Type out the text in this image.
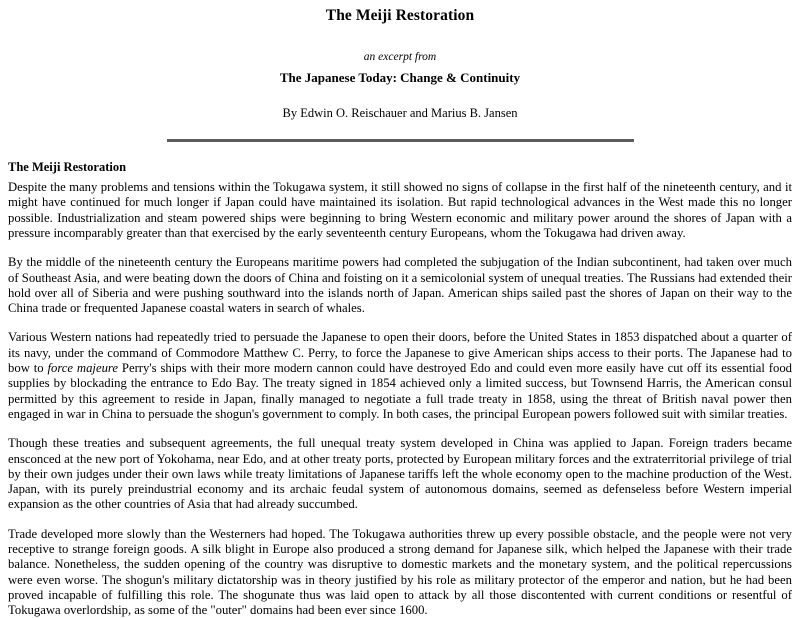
The Meiji Restoration

an excerpt from

The Japanese Today: Change & Continuity

By Edwin O. Reischauer and Marius B. Jansen

The Meiji Restoration

Despite the many problems and tensions within the Tokugawa system, it still showed no signs of collapse in the first half of the nineteenth century, and it might have continued for much longer if Japan could have maintained its isolation. But rapid technological advances in the West made this no longer possible. Industrialization and steam powered ships were beginning to bring Western economic and military power around the shores of Japan with a pressure incomparably greater than that exercised by the early seventeenth century Europeans, whom the Tokugawa had driven away.

By the middle of the nineteenth century the Europeans maritime powers had completed the subjugation of the Indian subcontinent, had taken over much of Southeast Asia, and were beating down the doors of China and foisting on it a semicolonial system of unequal treaties. The Russians had extended their hold over all of Siberia and were pushing southward into the islands north of Japan. American ships sailed past the shores of Japan on their way to the China trade or frequented Japanese coastal waters in search of whales.

Various Western nations had repeatedly tried to persuade the Japanese to open their doors, before the United States in 1853 dispatched about a quarter of its navy, under the command of Commodore Matthew C. Perry, to force the Japanese to give American ships access to their ports. The Japanese had to bow to force majeure Perry's ships with their more modern cannon could have destroyed Edo and could even more easily have cut off its essential food supplies by blockading the entrance to Edo Bay. The treaty signed in 1854 achieved only a limited success, but Townsend Harris, the American consul permitted by this agreement to reside in Japan, finally managed to negotiate a full trade treaty in 1858, using the threat of British naval power then engaged in war in China to persuade the shogun's government to comply. In both cases, the principal European powers followed suit with similar treaties.

Though these treaties and subsequent agreements, the full unequal treaty system developed in China was applied to Japan. Foreign traders became ensconced at the new port of Yokohama, near Edo, and at other treaty ports, protected by European military forces and the extraterritorial privilege of trial by their own judges under their own laws while treaty limitations of Japanese tariffs left the whole economy open to the machine production of the West. Japan, with its purely preindustrial economy and its archaic feudal system of autonomous domains, seemed as defenseless before Western imperial expansion as the other countries of Asia that had already succumbed.

Trade developed more slowly than the Westerners had hoped. The Tokugawa authorities threw up every possible obstacle, and the people were not very receptive to strange foreign goods. A silk blight in Europe also produced a strong demand for Japanese silk, which helped the Japanese with their trade balance. Nonetheless, the sudden opening of the country was disruptive to domestic markets and the monetary system, and the political repercussions were even worse. The shogun's military dictatorship was in theory justified by his role as military protector of the emperor and nation, but he had been proved incapable of fulfilling this role. The shogunate thus was laid open to attack by all those discontented with current conditions or resentful of Tokugawa overlordship, as some of the "outer" domains had been ever since 1600.
